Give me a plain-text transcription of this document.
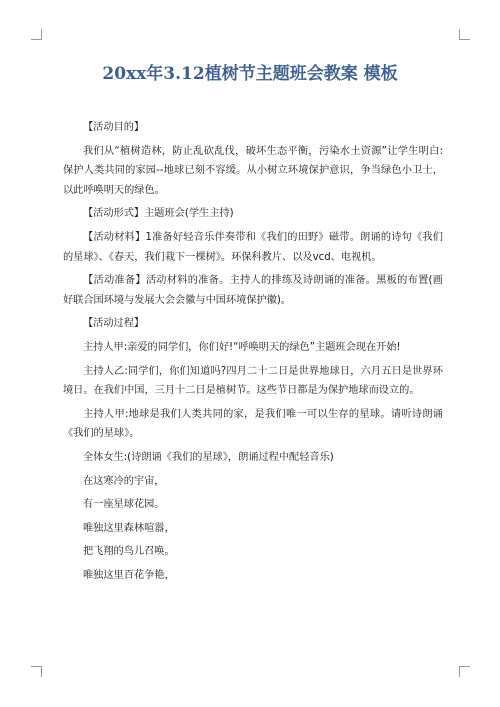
20xx年3.12植树节主题班会教案 模板

【活动目的】

我们从“植树造林，防止乱砍乱伐，破坏生态平衡，污染水土资源”让学生明白:保护人类共同的家园--地球已刻不容缓。从小树立环境保护意识，争当绿色小卫士，以此呼唤明天的绿色。

【活动形式】主题班会(学生主持)

【活动材料】1准备好轻音乐伴奏带和《我们的田野》磁带。朗诵的诗句《我们的星球》、《春天，我们栽下一棵树》。环保科教片、以及vcd、电视机。

【活动准备】活动材料的准备。主持人的排练及诗朗诵的准备。黑板的布置(画好联合国环境与发展大会会徽与中国环境保护徽)。

【活动过程】

主持人甲:亲爱的同学们，你们好!“呼唤明天的绿色”主题班会现在开始!

主持人乙:同学们，你们知道吗?四月二十二日是世界地球日，六月五日是世界环境日。在我们中国，三月十二日是植树节。这些节日都是为保护地球而设立的。

主持人甲:地球是我们人类共同的家，是我们唯一可以生存的星球。请听诗朗诵《我们的星球》。

全体女生:(诗朗诵《我们的星球》，朗诵过程中配轻音乐)

在这寒冷的宇宙，

有一座星球花园。

唯独这里森林喧嚣，

把飞翔的鸟儿召唤。

唯独这里百花争艳，
